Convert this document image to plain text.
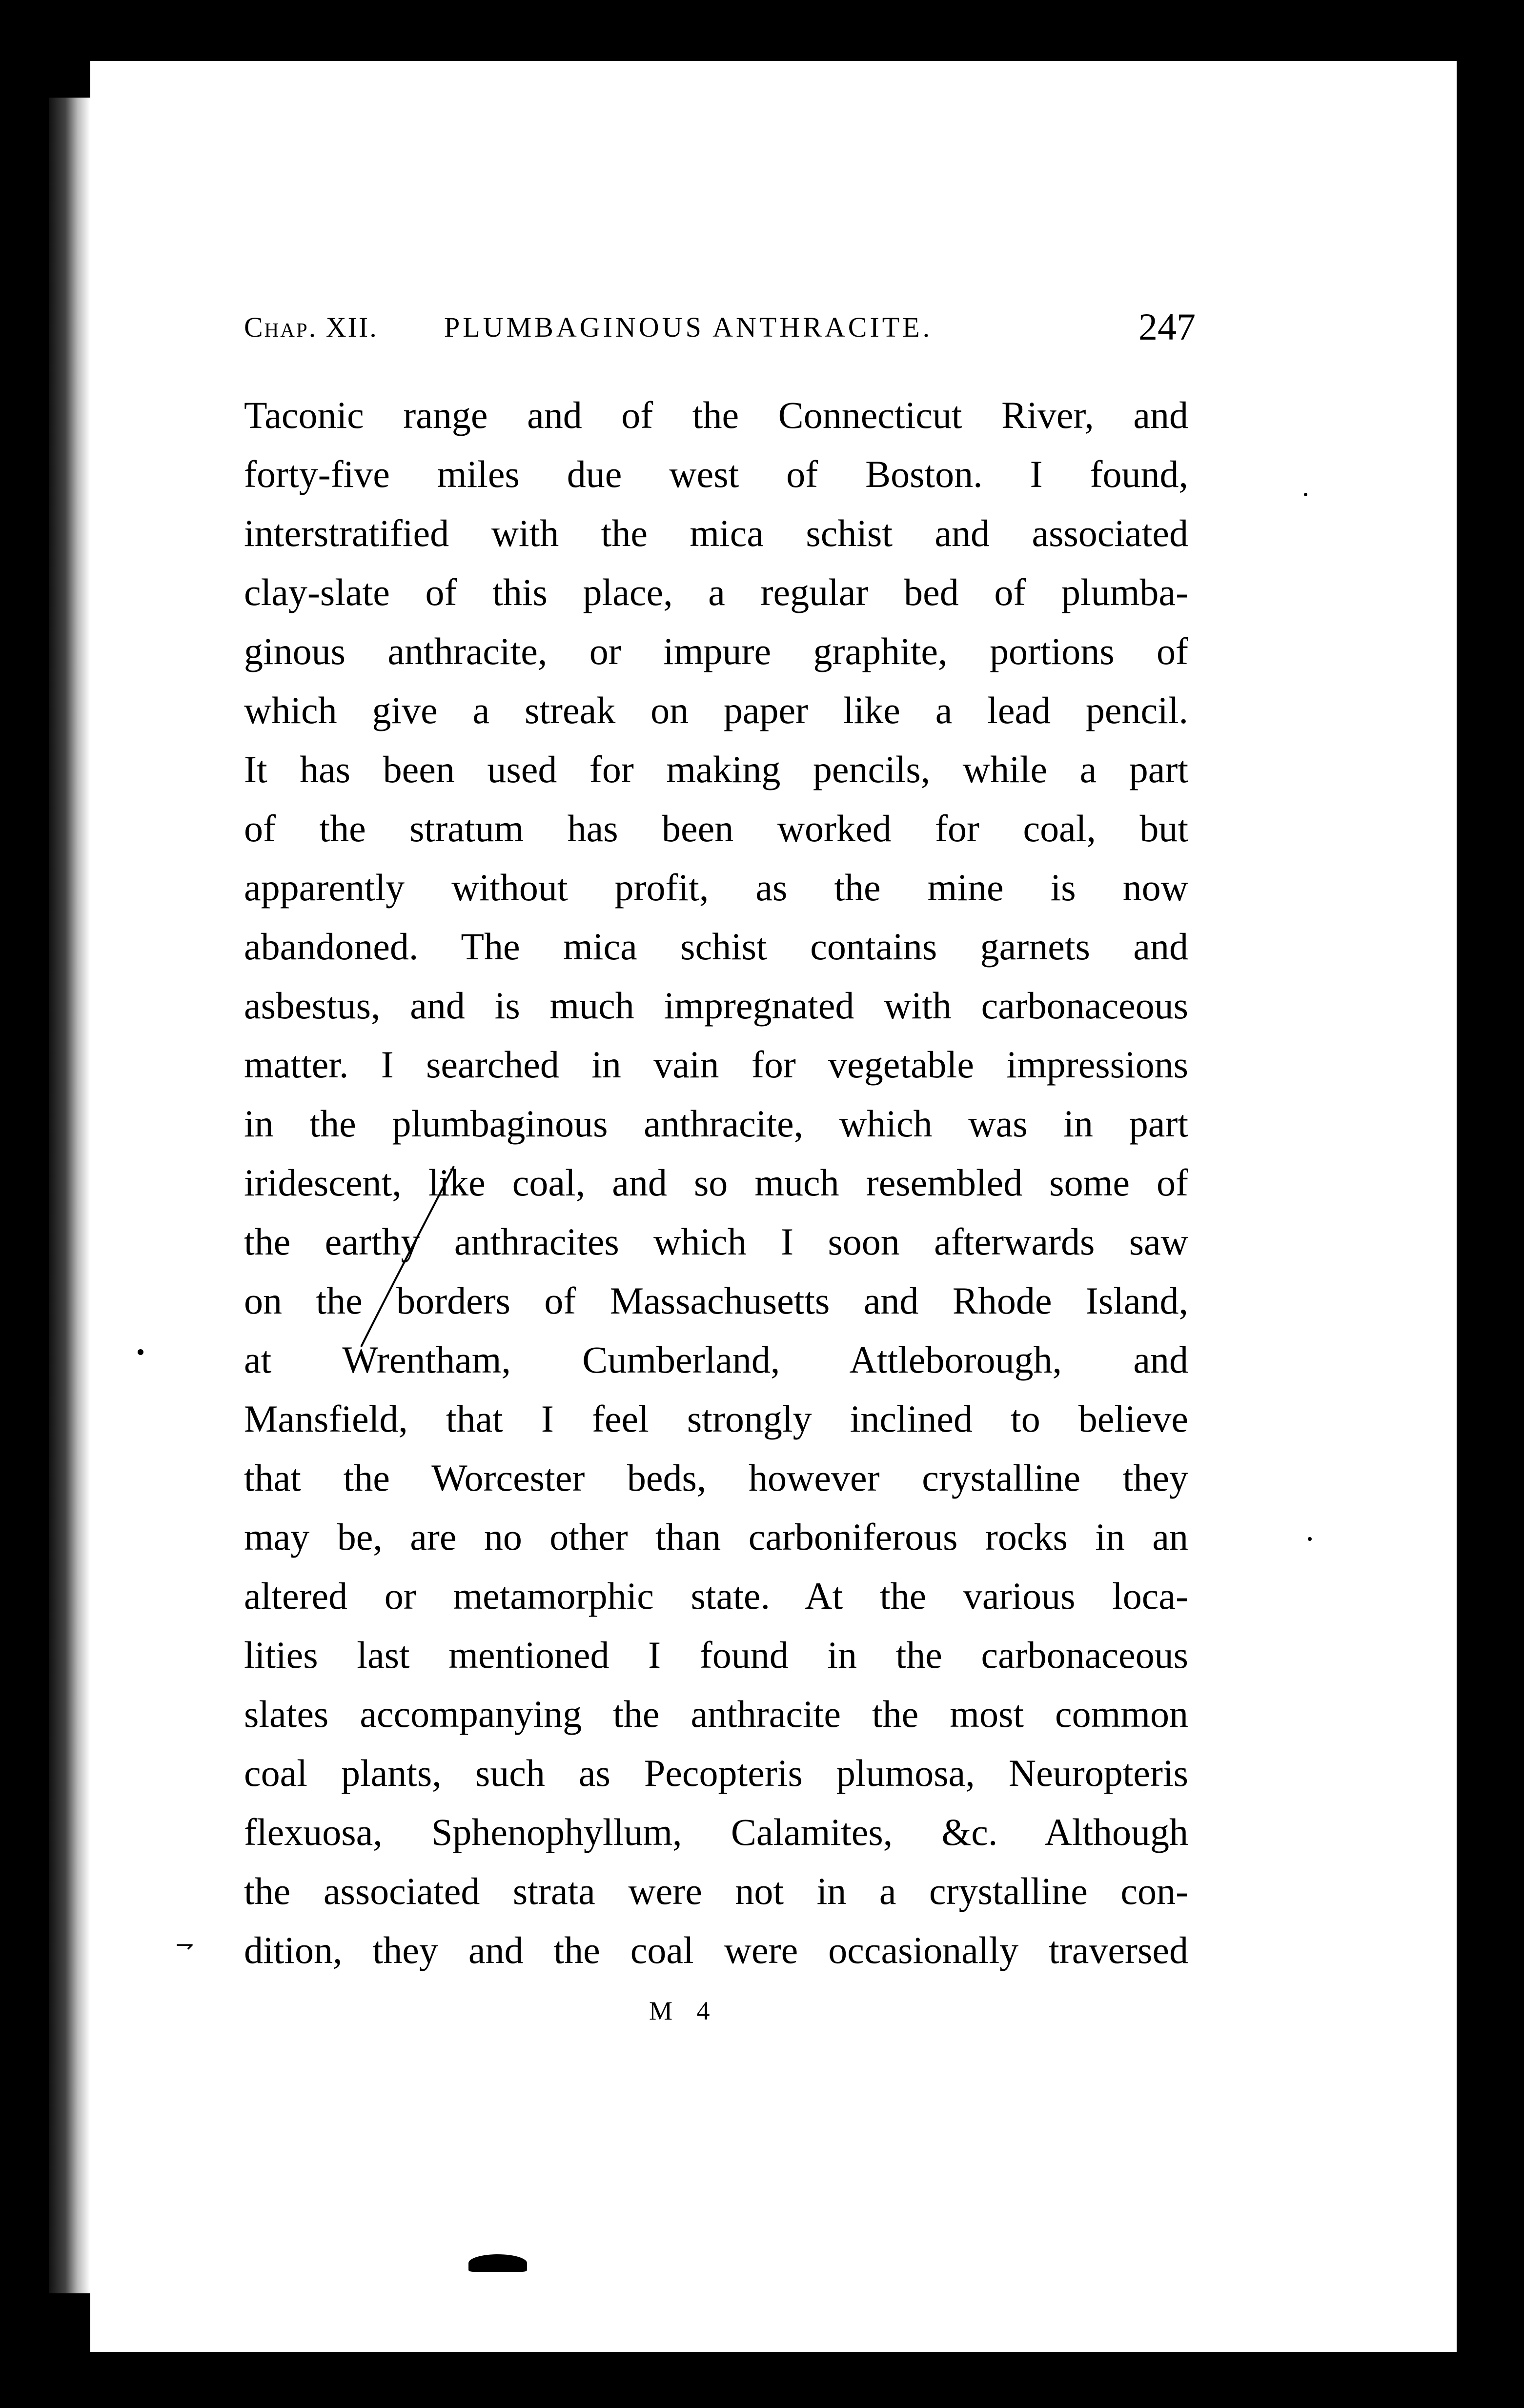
Chap. XII. PLUMBAGINOUS ANTHRACITE.	247
Taconic range and of the Connecticut River, and
forty-five miles due west of Boston. I found,
interstratified with the mica schist and associated
clay-slate of this place, a regular bed of plumba-
ginous anthracite, or impure graphite, portions of
which give a streak on paper like a lead pencil.
It has been used for making pencils, while a part
of the stratum has been worked for coal, but
apparently without profit, as the mine is now
abandoned. The mica schist contains garnets and
asbestus, and is much impregnated with carbonaceous
matter. I searched in vain for vegetable impressions
in the plumbaginous anthracite, which was in part
iridescent, like coal, and so much resembled some of
the earthy anthracites which I soon afterwards saw
on the borders of Massachusetts and Rhode Island,
at Wrentham, Cumberland, Attleborough, and
Mansfield, that I feel strongly inclined to believe
that the Worcester beds, however crystalline they
may be, are no other than carboniferous rocks in an
altered or metamorphic state. At the various loca-
lities last mentioned I found in the carbonaceous
slates accompanying the anthracite the most common
coal plants, such as Pecopteris plumosa, Neuropteris
flexuosa, Sphenophyllum, Calamites, &c. Although
the associated strata were not in a crystalline con-
dition, they and the coal were occasionally traversed
⇁
M 4
